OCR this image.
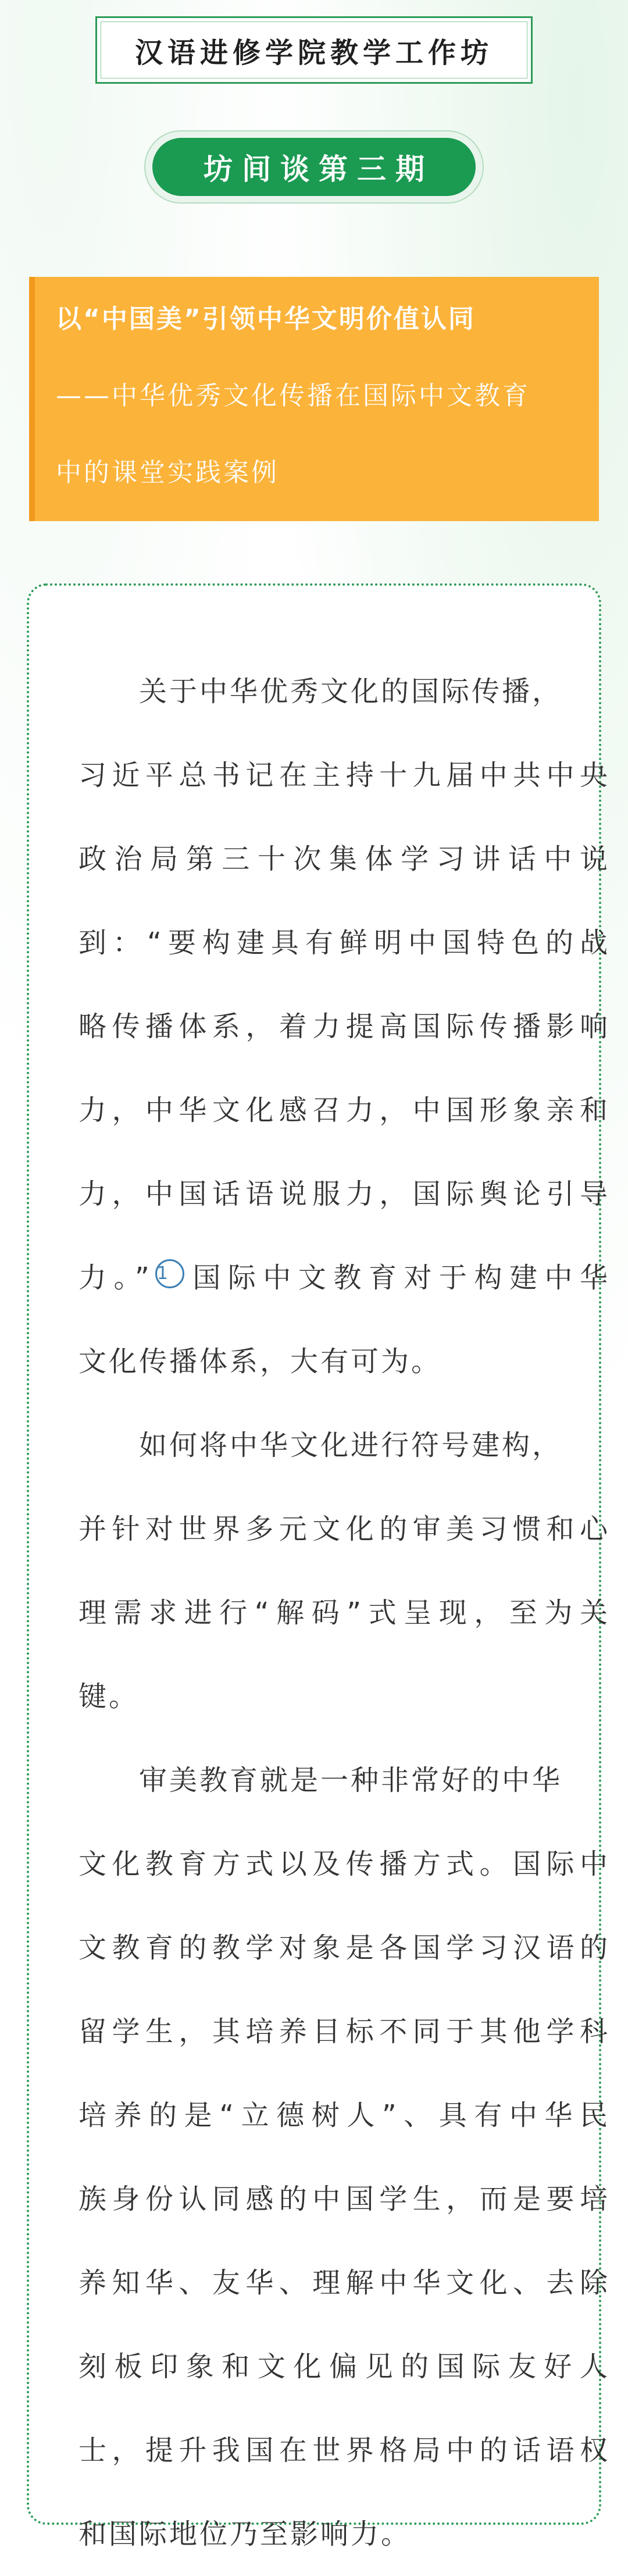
汉语进修学院教学工作坊
坊间谈第三期
以“中国美”引领中华文明价值认同
——中华优秀文化传播在国际中文教育
中的课堂实践案例
关于中华优秀文化的国际传播，
习近平总书记在主持十九届中共中央
政治局第三十次集体学习讲话中说
到：“要构建具有鲜明中国特色的战
略传播体系，着力提高国际传播影响
力，中华文化感召力，中国形象亲和
力，中国话语说服力，国际舆论引导
力。” 1 国际中文教育对于构建中华
文化传播体系，大有可为。
如何将中华文化进行符号建构，
并针对世界多元文化的审美习惯和心
理需求进行“解码”式呈现，至为关
键。
审美教育就是一种非常好的中华
文化教育方式以及传播方式。国际中
文教育的教学对象是各国学习汉语的
留学生，其培养目标不同于其他学科
培养的是“立德树人”、具有中华民
族身份认同感的中国学生，而是要培
养知华、友华、理解中华文化、去除
刻板印象和文化偏见的国际友好人
士，提升我国在世界格局中的话语权
和国际地位乃至影响力。
